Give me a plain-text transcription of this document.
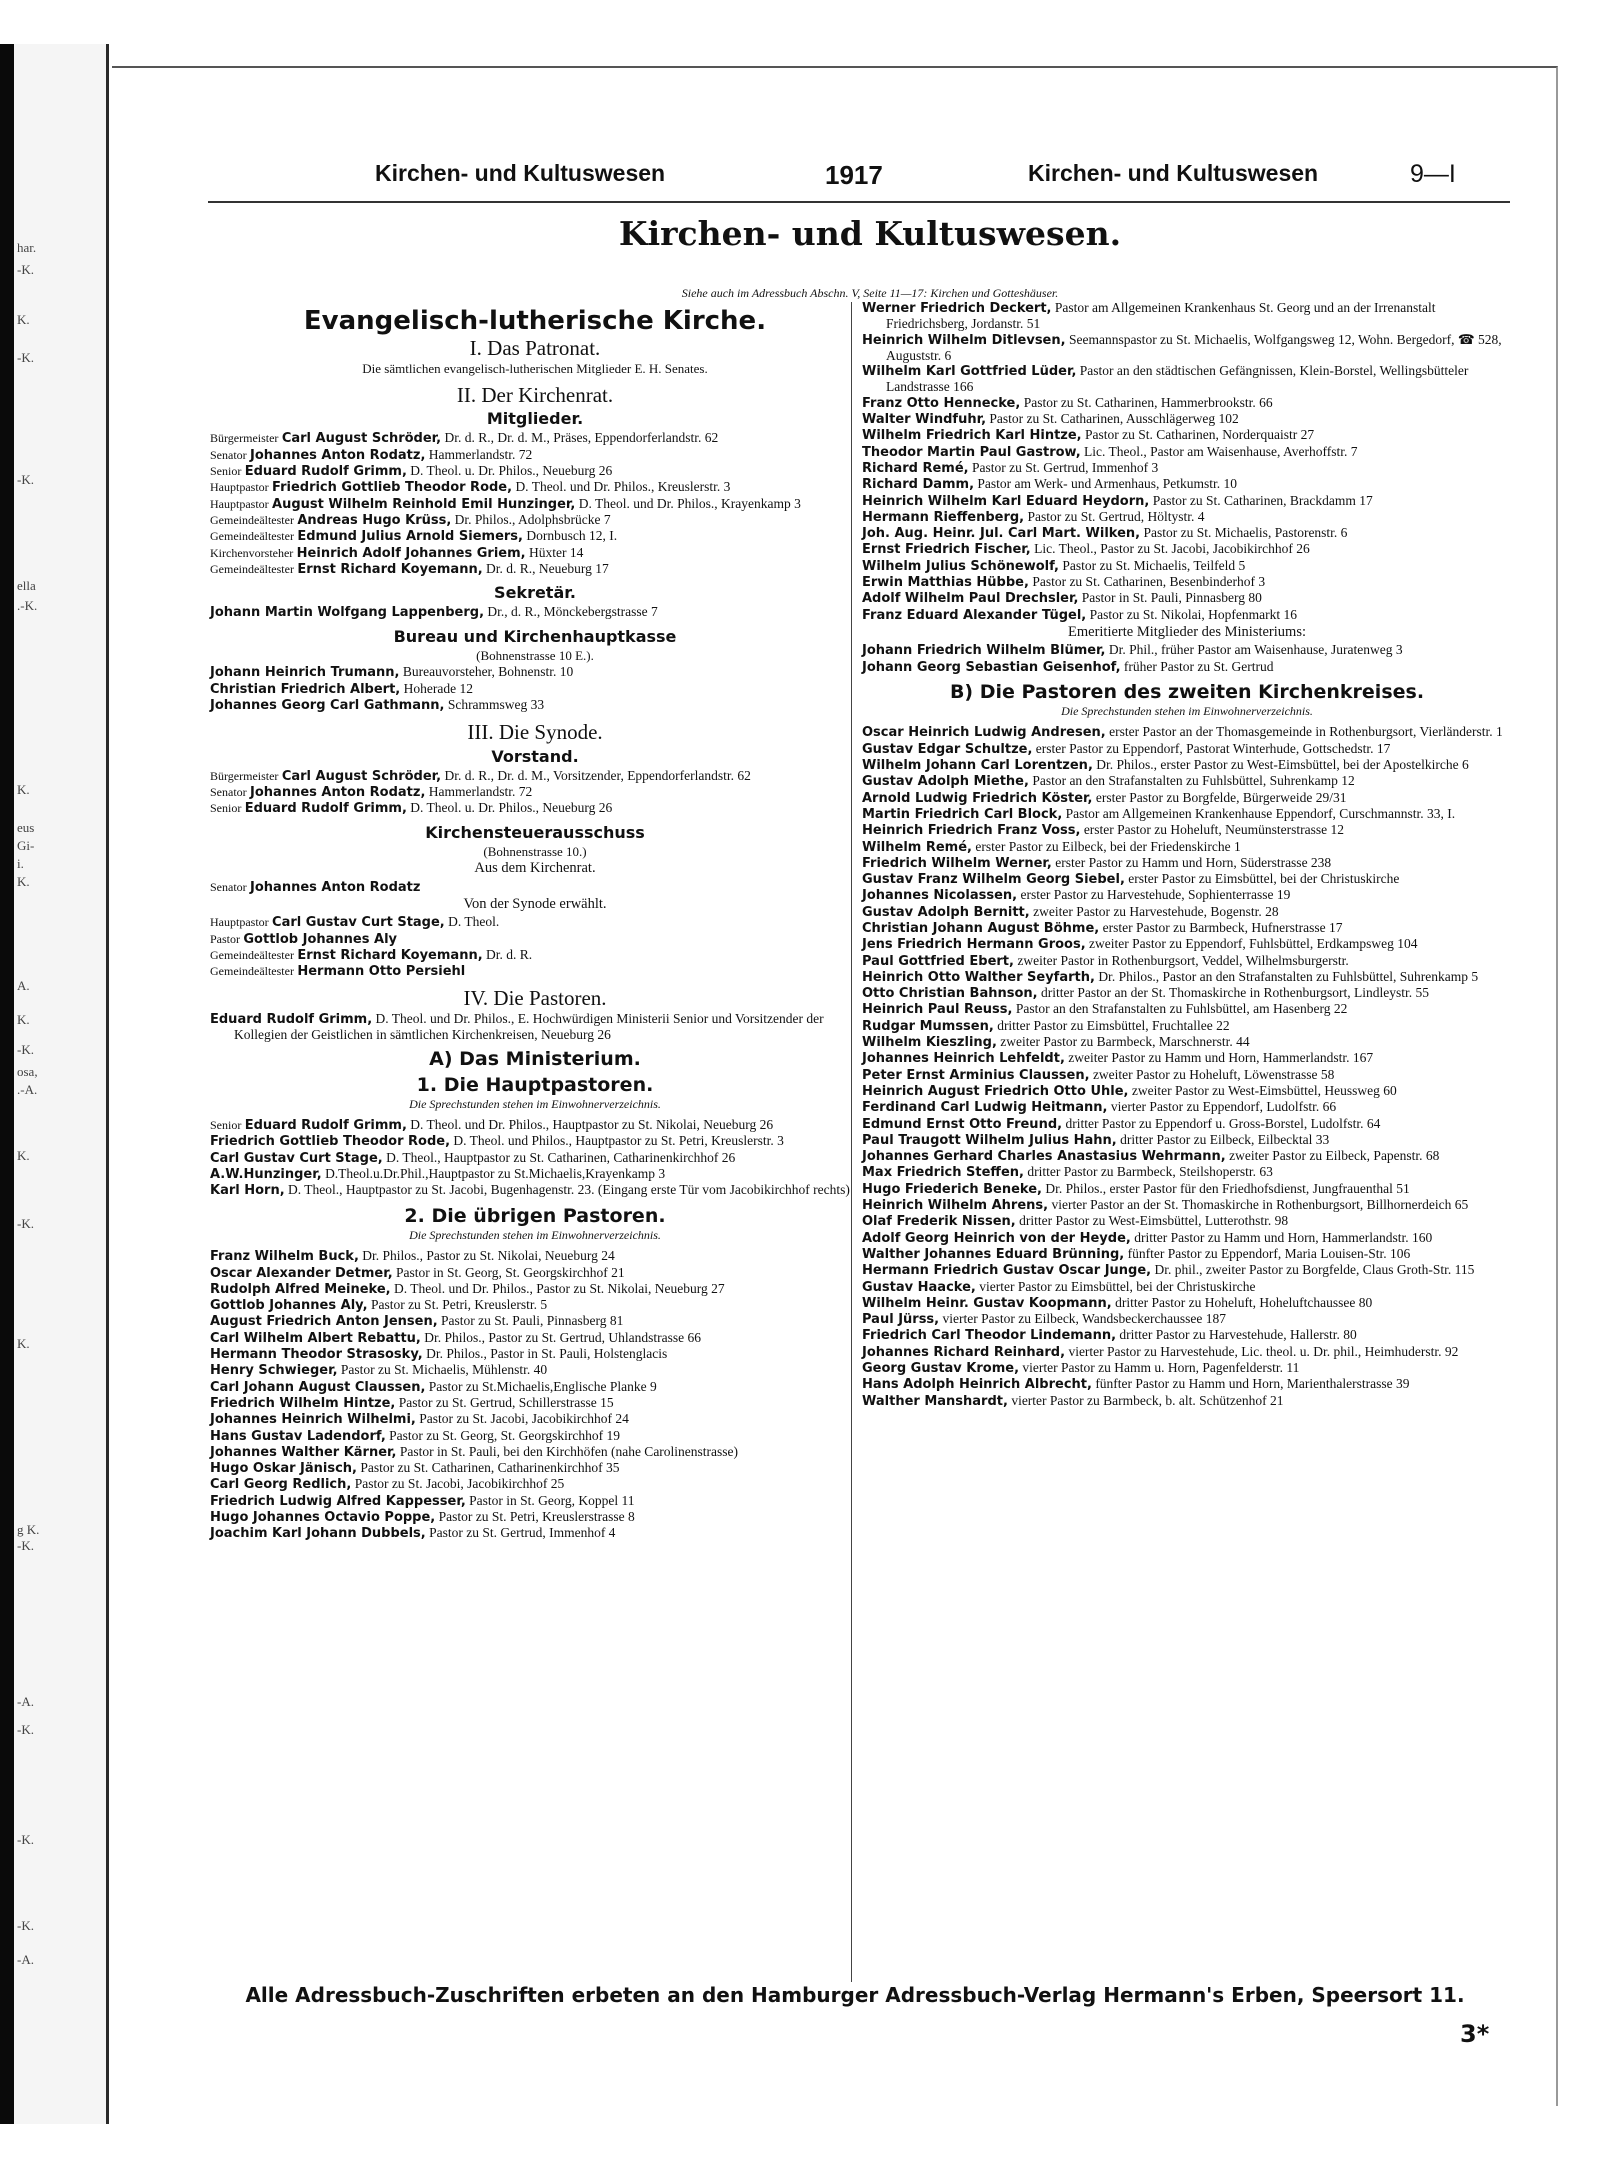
har.
-K.
K.
-K.
-K.
ella
.-K.
K.
eus
Gi-
i.
K.
A.
K.
-K.
osa,
.-A.
K.
-K.
K.
g K.
-K.
-A.
-K.
-K.
-K.
-A.
Kirchen- und Kultuswesen	1917	Kirchen- und Kultuswesen	9—I
Kirchen- und Kultuswesen.
Siehe auch im Adressbuch Abschn. V, Seite 11—17: Kirchen und Gotteshäuser.
Evangelisch-lutherische Kirche.
I. Das Patronat.
Die sämtlichen evangelisch-lutherischen Mitglieder E. H. Senates.
II. Der Kirchenrat.
Mitglieder.
Bürgermeister Carl August Schröder, Dr. d. R., Dr. d. M., Präses, Eppendorferlandstr. 62
Senator Johannes Anton Rodatz, Hammerlandstr. 72
Senior Eduard Rudolf Grimm, D. Theol. u. Dr. Philos., Neueburg 26
Hauptpastor Friedrich Gottlieb Theodor Rode, D. Theol. und Dr. Philos., Kreuslerstr. 3
Hauptpastor August Wilhelm Reinhold Emil Hunzinger, D. Theol. und Dr. Philos., Krayenkamp 3
Gemeindeältester Andreas Hugo Krüss, Dr. Philos., Adolphsbrücke 7
Gemeindeältester Edmund Julius Arnold Siemers, Dornbusch 12, I.
Kirchenvorsteher Heinrich Adolf Johannes Griem, Hüxter 14
Gemeindeältester Ernst Richard Koyemann, Dr. d. R., Neueburg 17
Sekretär.
Johann Martin Wolfgang Lappenberg, Dr., d. R., Mönckebergstrasse 7
Bureau und Kirchenhauptkasse
(Bohnenstrasse 10 E.).
Johann Heinrich Trumann, Bureauvorsteher, Bohnenstr. 10
Christian Friedrich Albert, Hoherade 12
Johannes Georg Carl Gathmann, Schrammsweg 33
III. Die Synode.
Vorstand.
Bürgermeister Carl August Schröder, Dr. d. R., Dr. d. M., Vorsitzender, Eppendorferlandstr. 62
Senator Johannes Anton Rodatz, Hammerlandstr. 72
Senior Eduard Rudolf Grimm, D. Theol. u. Dr. Philos., Neueburg 26
Kirchensteuerausschuss
(Bohnenstrasse 10.)
Aus dem Kirchenrat.
Senator Johannes Anton Rodatz
Von der Synode erwählt.
Hauptpastor Carl Gustav Curt Stage, D. Theol.
Pastor Gottlob Johannes Aly
Gemeindeältester Ernst Richard Koyemann, Dr. d. R.
Gemeindeältester Hermann Otto Persiehl
IV. Die Pastoren.
Eduard Rudolf Grimm, D. Theol. und Dr. Philos., E. Hochwürdigen Ministerii Senior und Vorsitzender der Kollegien der Geistlichen in sämtlichen Kirchenkreisen, Neueburg 26
A) Das Ministerium.
1. Die Hauptpastoren.
Die Sprechstunden stehen im Einwohnerverzeichnis.
Senior Eduard Rudolf Grimm, D. Theol. und Dr. Philos., Hauptpastor zu St. Nikolai, Neueburg 26
Friedrich Gottlieb Theodor Rode, D. Theol. und Philos., Hauptpastor zu St. Petri, Kreuslerstr. 3
Carl Gustav Curt Stage, D. Theol., Hauptpastor zu St. Catharinen, Catharinenkirchhof 26
A.W.Hunzinger, D.Theol.u.Dr.Phil.,Hauptpastor zu St.Michaelis,Krayenkamp 3
Karl Horn, D. Theol., Hauptpastor zu St. Jacobi, Bugenhagenstr. 23. (Eingang erste Tür vom Jacobikirchhof rechts)
2. Die übrigen Pastoren.
Die Sprechstunden stehen im Einwohnerverzeichnis.
Franz Wilhelm Buck, Dr. Philos., Pastor zu St. Nikolai, Neueburg 24
Oscar Alexander Detmer, Pastor in St. Georg, St. Georgskirchhof 21
Rudolph Alfred Meineke, D. Theol. und Dr. Philos., Pastor zu St. Nikolai, Neueburg 27
Gottlob Johannes Aly, Pastor zu St. Petri, Kreuslerstr. 5
August Friedrich Anton Jensen, Pastor zu St. Pauli, Pinnasberg 81
Carl Wilhelm Albert Rebattu, Dr. Philos., Pastor zu St. Gertrud, Uhlandstrasse 66
Hermann Theodor Strasosky, Dr. Philos., Pastor in St. Pauli, Holstenglacis
Henry Schwieger, Pastor zu St. Michaelis, Mühlenstr. 40
Carl Johann August Claussen, Pastor zu St.Michaelis,Englische Planke 9
Friedrich Wilhelm Hintze, Pastor zu St. Gertrud, Schillerstrasse 15
Johannes Heinrich Wilhelmi, Pastor zu St. Jacobi, Jacobikirchhof 24
Hans Gustav Ladendorf, Pastor zu St. Georg, St. Georgskirchhof 19
Johannes Walther Kärner, Pastor in St. Pauli, bei den Kirchhöfen (nahe Carolinenstrasse)
Hugo Oskar Jänisch, Pastor zu St. Catharinen, Catharinenkirchhof 35
Carl Georg Redlich, Pastor zu St. Jacobi, Jacobikirchhof 25
Friedrich Ludwig Alfred Kappesser, Pastor in St. Georg, Koppel 11
Hugo Johannes Octavio Poppe, Pastor zu St. Petri, Kreuslerstrasse 8
Joachim Karl Johann Dubbels, Pastor zu St. Gertrud, Immenhof 4
Werner Friedrich Deckert, Pastor am Allgemeinen Krankenhaus St. Georg und an der Irrenanstalt Friedrichsberg, Jordanstr. 51
Heinrich Wilhelm Ditlevsen, Seemannspastor zu St. Michaelis, Wolfgangsweg 12, Wohn. Bergedorf, ☎ 528, Auguststr. 6
Wilhelm Karl Gottfried Lüder, Pastor an den städtischen Gefängnissen, Klein-Borstel, Wellingsbütteler Landstrasse 166
Franz Otto Hennecke, Pastor zu St. Catharinen, Hammerbrookstr. 66
Walter Windfuhr, Pastor zu St. Catharinen, Ausschlägerweg 102
Wilhelm Friedrich Karl Hintze, Pastor zu St. Catharinen, Norderquaistr 27
Theodor Martin Paul Gastrow, Lic. Theol., Pastor am Waisenhause, Averhoffstr. 7
Richard Remé, Pastor zu St. Gertrud, Immenhof 3
Richard Damm, Pastor am Werk- und Armenhaus, Petkumstr. 10
Heinrich Wilhelm Karl Eduard Heydorn, Pastor zu St. Catharinen, Brackdamm 17
Hermann Rieffenberg, Pastor zu St. Gertrud, Höltystr. 4
Joh. Aug. Heinr. Jul. Carl Mart. Wilken, Pastor zu St. Michaelis, Pastorenstr. 6
Ernst Friedrich Fischer, Lic. Theol., Pastor zu St. Jacobi, Jacobikirchhof 26
Wilhelm Julius Schönewolf, Pastor zu St. Michaelis, Teilfeld 5
Erwin Matthias Hübbe, Pastor zu St. Catharinen, Besenbinderhof 3
Adolf Wilhelm Paul Drechsler, Pastor in St. Pauli, Pinnasberg 80
Franz Eduard Alexander Tügel, Pastor zu St. Nikolai, Hopfenmarkt 16
Emeritierte Mitglieder des Ministeriums:
Johann Friedrich Wilhelm Blümer, Dr. Phil., früher Pastor am Waisenhause, Juratenweg 3
Johann Georg Sebastian Geisenhof, früher Pastor zu St. Gertrud
B) Die Pastoren des zweiten Kirchenkreises.
Die Sprechstunden stehen im Einwohnerverzeichnis.
Oscar Heinrich Ludwig Andresen, erster Pastor an der Thomasgemeinde in Rothenburgsort, Vierländerstr. 1
Gustav Edgar Schultze, erster Pastor zu Eppendorf, Pastorat Winterhude, Gottschedstr. 17
Wilhelm Johann Carl Lorentzen, Dr. Philos., erster Pastor zu West-Eimsbüttel, bei der Apostelkirche 6
Gustav Adolph Miethe, Pastor an den Strafanstalten zu Fuhlsbüttel, Suhrenkamp 12
Arnold Ludwig Friedrich Köster, erster Pastor zu Borgfelde, Bürgerweide 29/31
Martin Friedrich Carl Block, Pastor am Allgemeinen Krankenhause Eppendorf, Curschmannstr. 33, I.
Heinrich Friedrich Franz Voss, erster Pastor zu Hoheluft, Neumünsterstrasse 12
Wilhelm Remé, erster Pastor zu Eilbeck, bei der Friedenskirche 1
Friedrich Wilhelm Werner, erster Pastor zu Hamm und Horn, Süderstrasse 238
Gustav Franz Wilhelm Georg Siebel, erster Pastor zu Eimsbüttel, bei der Christuskirche
Johannes Nicolassen, erster Pastor zu Harvestehude, Sophienterrasse 19
Gustav Adolph Bernitt, zweiter Pastor zu Harvestehude, Bogenstr. 28
Christian Johann August Böhme, erster Pastor zu Barmbeck, Hufnerstrasse 17
Jens Friedrich Hermann Groos, zweiter Pastor zu Eppendorf, Fuhlsbüttel, Erdkampsweg 104
Paul Gottfried Ebert, zweiter Pastor in Rothenburgsort, Veddel, Wilhelmsburgerstr.
Heinrich Otto Walther Seyfarth, Dr. Philos., Pastor an den Strafanstalten zu Fuhlsbüttel, Suhrenkamp 5
Otto Christian Bahnson, dritter Pastor an der St. Thomaskirche in Rothenburgsort, Lindleystr. 55
Heinrich Paul Reuss, Pastor an den Strafanstalten zu Fuhlsbüttel, am Hasenberg 22
Rudgar Mumssen, dritter Pastor zu Eimsbüttel, Fruchtallee 22
Wilhelm Kieszling, zweiter Pastor zu Barmbeck, Marschnerstr. 44
Johannes Heinrich Lehfeldt, zweiter Pastor zu Hamm und Horn, Hammerlandstr. 167
Peter Ernst Arminius Claussen, zweiter Pastor zu Hoheluft, Löwenstrasse 58
Heinrich August Friedrich Otto Uhle, zweiter Pastor zu West-Eimsbüttel, Heussweg 60
Ferdinand Carl Ludwig Heitmann, vierter Pastor zu Eppendorf, Ludolfstr. 66
Edmund Ernst Otto Freund, dritter Pastor zu Eppendorf u. Gross-Borstel, Ludolfstr. 64
Paul Traugott Wilhelm Julius Hahn, dritter Pastor zu Eilbeck, Eilbecktal 33
Johannes Gerhard Charles Anastasius Wehrmann, zweiter Pastor zu Eilbeck, Papenstr. 68
Max Friedrich Steffen, dritter Pastor zu Barmbeck, Steilshoperstr. 63
Hugo Friederich Beneke, Dr. Philos., erster Pastor für den Friedhofsdienst, Jungfrauenthal 51
Heinrich Wilhelm Ahrens, vierter Pastor an der St. Thomaskirche in Rothenburgsort, Billhornerdeich 65
Olaf Frederik Nissen, dritter Pastor zu West-Eimsbüttel, Lutterothstr. 98
Adolf Georg Heinrich von der Heyde, dritter Pastor zu Hamm und Horn, Hammerlandstr. 160
Walther Johannes Eduard Brünning, fünfter Pastor zu Eppendorf, Maria Louisen-Str. 106
Hermann Friedrich Gustav Oscar Junge, Dr. phil., zweiter Pastor zu Borgfelde, Claus Groth-Str. 115
Gustav Haacke, vierter Pastor zu Eimsbüttel, bei der Christuskirche
Wilhelm Heinr. Gustav Koopmann, dritter Pastor zu Hoheluft, Hoheluftchaussee 80
Paul Jürss, vierter Pastor zu Eilbeck, Wandsbeckerchaussee 187
Friedrich Carl Theodor Lindemann, dritter Pastor zu Harvestehude, Hallerstr. 80
Johannes Richard Reinhard, vierter Pastor zu Harvestehude, Lic. theol. u. Dr. phil., Heimhuderstr. 92
Georg Gustav Krome, vierter Pastor zu Hamm u. Horn, Pagenfelderstr. 11
Hans Adolph Heinrich Albrecht, fünfter Pastor zu Hamm und Horn, Marienthalerstrasse 39
Walther Manshardt, vierter Pastor zu Barmbeck, b. alt. Schützenhof 21
Alle Adressbuch-Zuschriften erbeten an den Hamburger Adressbuch-Verlag Hermann's Erben, Speersort 11.
3*
